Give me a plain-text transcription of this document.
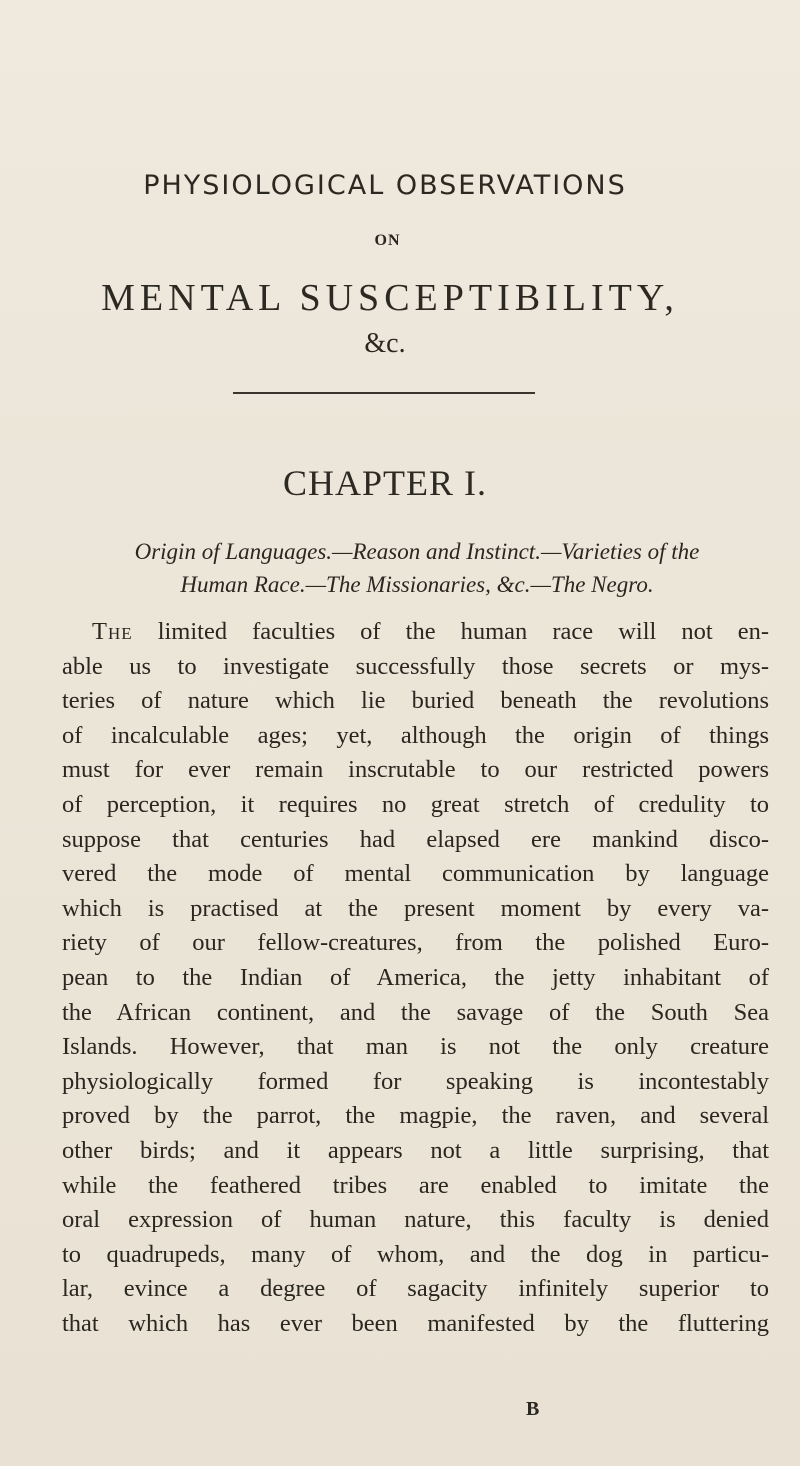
PHYSIOLOGICAL OBSERVATIONS
ON
MENTAL SUSCEPTIBILITY,
&c.
CHAPTER I.
Origin of Languages.—Reason and Instinct.—Varieties of the
Human Race.—The Missionaries, &c.—The Negro.
The limited faculties of the human race will not en-
able us to investigate successfully those secrets or mys-
teries of nature which lie buried beneath the revolutions
of incalculable ages; yet, although the origin of things
must for ever remain inscrutable to our restricted powers
of perception, it requires no great stretch of credulity to
suppose that centuries had elapsed ere mankind disco-
vered the mode of mental communication by language
which is practised at the present moment by every va-
riety of our fellow-creatures, from the polished Euro-
pean to the Indian of America, the jetty inhabitant of
the African continent, and the savage of the South Sea
Islands. However, that man is not the only creature
physiologically formed for speaking is incontestably
proved by the parrot, the magpie, the raven, and several
other birds; and it appears not a little surprising, that
while the feathered tribes are enabled to imitate the
oral expression of human nature, this faculty is denied
to quadrupeds, many of whom, and the dog in particu-
lar, evince a degree of sagacity infinitely superior to
that which has ever been manifested by the fluttering
B
